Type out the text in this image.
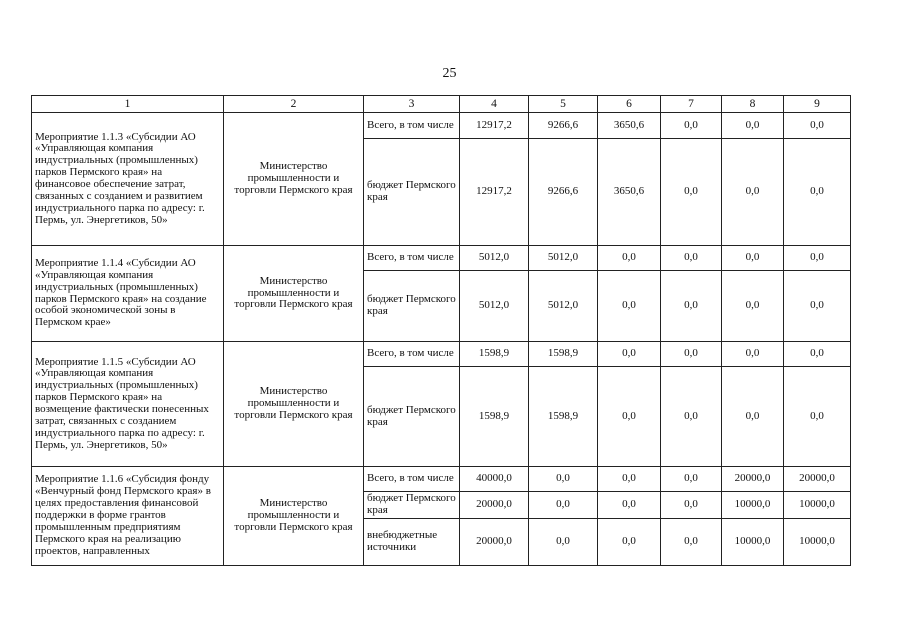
25
1	2	3	4	5	6	7	8	9
Мероприятие 1.1.3 «Субсидии АО «Управляющая компания индустриальных (промышленных) парков Пермского края» на финансовое обеспечение затрат, связанных с созданием и развитием индустриального парка по адресу: г. Пермь, ул. Энергетиков, 50»	Министерство промышленности и торговли Пермского края	Всего, в том числе	12917,2	9266,6	3650,6	0,0	0,0	0,0
		бюджет Пермского края	12917,2	9266,6	3650,6	0,0	0,0	0,0
Мероприятие 1.1.4 «Субсидии АО «Управляющая компания индустриальных (промышленных) парков Пермского края» на создание особой экономической зоны в Пермском крае»	Министерство промышленности и торговли Пермского края	Всего, в том числе	5012,0	5012,0	0,0	0,0	0,0	0,0
		бюджет Пермского края	5012,0	5012,0	0,0	0,0	0,0	0,0
Мероприятие 1.1.5 «Субсидии АО «Управляющая компания индустриальных (промышленных) парков Пермского края» на возмещение фактически понесенных затрат, связанных с созданием индустриального парка по адресу: г. Пермь, ул. Энергетиков, 50»	Министерство промышленности и торговли Пермского края	Всего, в том числе	1598,9	1598,9	0,0	0,0	0,0	0,0
		бюджет Пермского края	1598,9	1598,9	0,0	0,0	0,0	0,0
Мероприятие 1.1.6 «Субсидия фонду «Венчурный фонд Пермского края» в целях предоставления финансовой поддержки в форме грантов промышленным предприятиям Пермского края на реализацию проектов, направленных	Министерство промышленности и торговли Пермского края	Всего, в том числе	40000,0	0,0	0,0	0,0	20000,0	20000,0
		бюджет Пермского края	20000,0	0,0	0,0	0,0	10000,0	10000,0
		внебюджетные источники	20000,0	0,0	0,0	0,0	10000,0	10000,0
